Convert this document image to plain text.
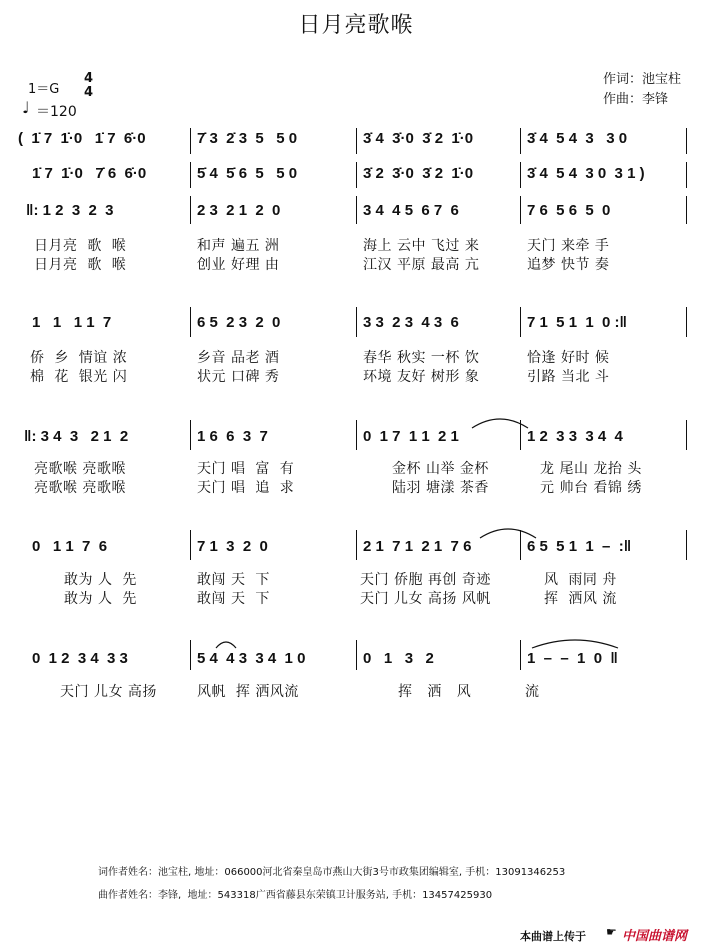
日月亮歌喉
1＝G
4
4
♩ ＝120
作词：池宝柱
作曲：李锋
(  1̇ 7  1̇·0   1̇ 7  6̇·0	7̇ 3  2̇ 3  5   5 0	3̇ 4  3̇·0  3̇ 2  1̇·0	3̇ 4  5 4  3   3 0
1̇ 7  1̇·0   7̇ 6  6̇·0	5̇ 4  5̇ 6  5   5 0	3̇ 2  3̇·0  3̇ 2  1̇·0	3̇ 4  5 4  3 0  3 1 )
‖: 1 2  3  2  3	2 3  2 1  2  0	3 4  4 5  6 7  6	7 6  5 6  5  0
日月亮  歌  喉	和声 遍五 洲	海上 云中 飞过 来	天门 来牵 手
日月亮  歌  喉	创业 好理 由	江汉 平原 最高 亢	追梦 快节 奏
1   1   1 1  7	6 5  2 3  2  0	3 3  2 3  4 3  6	7 1  5 1  1  0 :‖
侨  乡  情谊 浓	乡音 品老 酒	春华 秋实 一杯 饮	恰逢 好时 候
棉  花  银光 闪	状元 口碑 秀	环境 友好 树形 象	引路 当北 斗
‖: 3 4  3   2 1  2	1 6  6  3  7	0  1 7  1 1  2 1	1 2  3 3  3 4  4
亮歌喉 亮歌喉	天门 唱  富  有	金杯 山举 金杯	龙 尾山 龙抬 头
亮歌喉 亮歌喉	天门 唱  追  求	陆羽 塘漾 茶香	元 帅台 看锦 绣
0   1 1  7  6	7 1  3  2  0	2 1  7 1  2 1  7 6	6 5  5 1  1  –  :‖
敢为 人  先	敢闯 天  下	天门 侨胞 再创 奇迹	风  雨同 舟
敢为 人  先	敢闯 天  下	天门 儿女 高扬 风帆	挥  洒风 流
0  1 2  3 4  3 3	5 4  4 3  3 4  1 0	0   1   3   2	1  –  –  1  0  ‖
天门 儿女 高扬	风帆  挥 洒风流	挥   洒   风	流
词作者姓名：池宝柱, 地址：066000河北省秦皇岛市燕山大街3号市政集团编辑室, 手机：13091346253
曲作者姓名：李锋,  地址：543318广西省藤县东荣镇卫计服务站, 手机：13457425930
本曲谱上传于 ☛ 中国曲谱网
